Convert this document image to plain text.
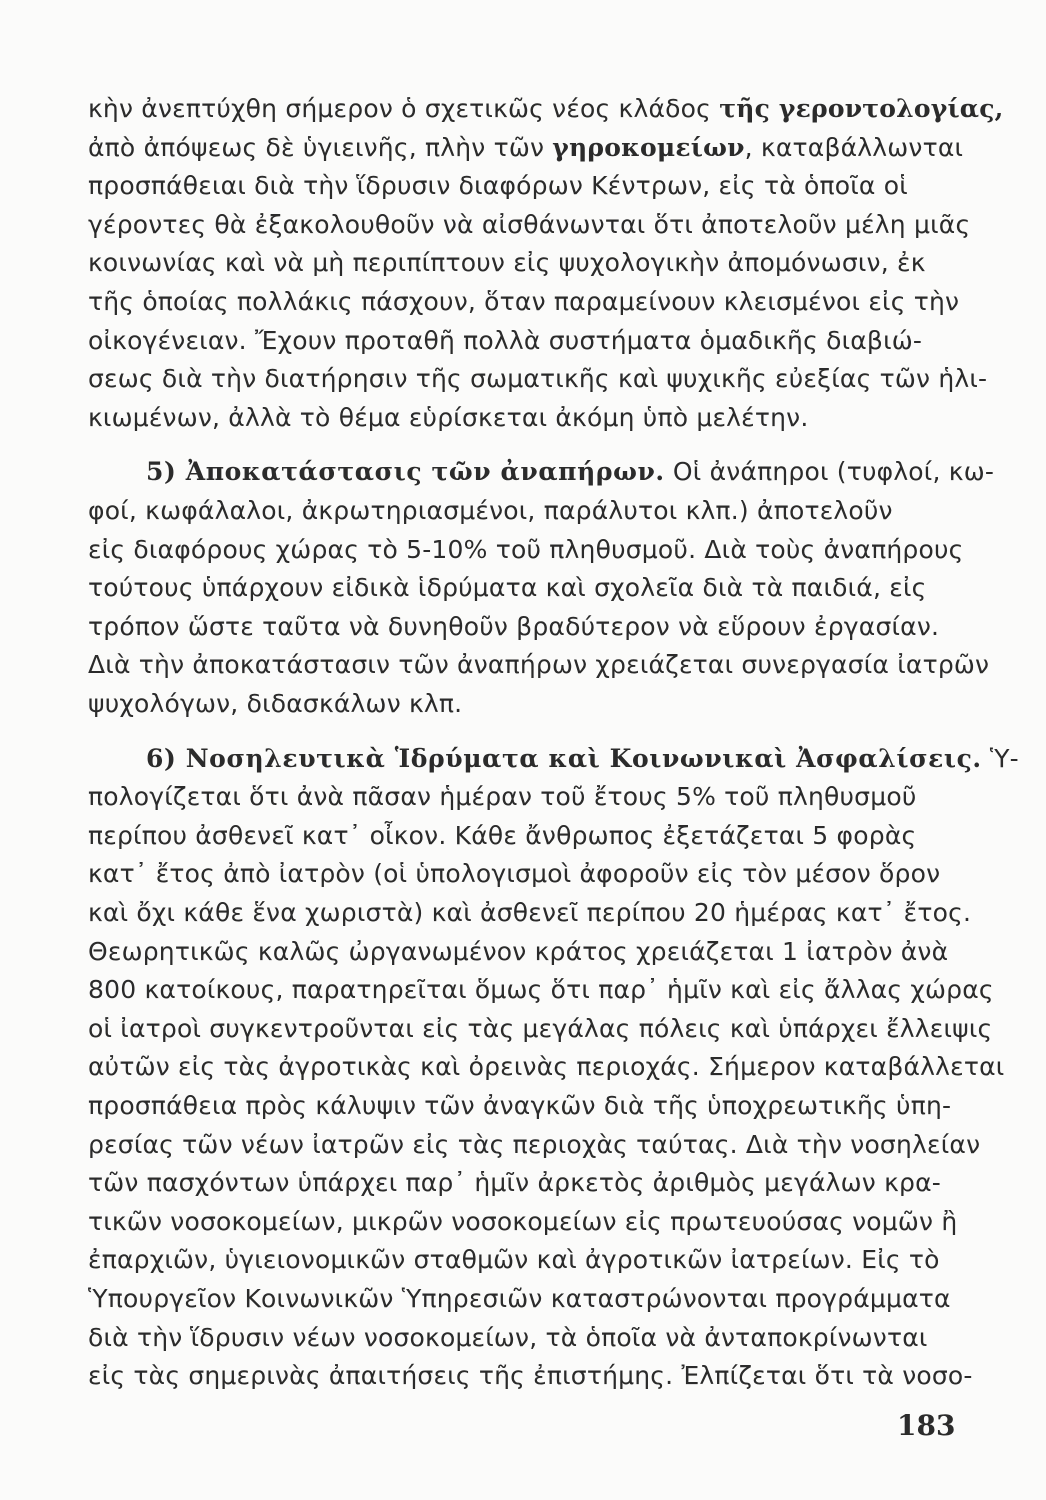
κὴν ἀνεπτύχθη σήμερον ὁ σχετικῶς νέος κλάδος τῆς γεροντολογίας,

ἀπὸ ἀπόψεως δὲ ὑγιεινῆς, πλὴν τῶν γηροκομείων, καταβάλλωνται

προσπάθειαι διὰ τὴν ἵδρυσιν διαφόρων Κέντρων, εἰς τὰ ὁποῖα οἱ

γέροντες θὰ ἐξακολουθοῦν νὰ αἰσθάνωνται ὅτι ἀποτελοῦν μέλη μιᾶς

κοινωνίας καὶ νὰ μὴ περιπίπτουν εἰς ψυχολογικὴν ἀπομόνωσιν, ἐκ

τῆς ὁποίας πολλάκις πάσχουν, ὅταν παραμείνουν κλεισμένοι εἰς τὴν

οἰκογένειαν. Ἔχουν προταθῆ πολλὰ συστήματα ὁμαδικῆς διαβιώ-

σεως διὰ τὴν διατήρησιν τῆς σωματικῆς καὶ ψυχικῆς εὐεξίας τῶν ἡλι-

κιωμένων, ἀλλὰ τὸ θέμα εὑρίσκεται ἀκόμη ὑπὸ μελέτην.

5) Ἀποκατάστασις τῶν ἀναπήρων. Οἱ ἀνάπηροι (τυφλοί, κω-

φοί, κωφάλαλοι, ἀκρωτηριασμένοι, παράλυτοι κλπ.) ἀποτελοῦν

εἰς διαφόρους χώρας τὸ 5-10% τοῦ πληθυσμοῦ. Διὰ τοὺς ἀναπήρους

τούτους ὑπάρχουν εἰδικὰ ἱδρύματα καὶ σχολεῖα διὰ τὰ παιδιά, εἰς

τρόπον ὥστε ταῦτα νὰ δυνηθοῦν βραδύτερον νὰ εὕρουν ἐργασίαν.

Διὰ τὴν ἀποκατάστασιν τῶν ἀναπήρων χρειάζεται συνεργασία ἰατρῶν

ψυχολόγων, διδασκάλων κλπ.

6) Νοσηλευτικὰ Ἱδρύματα καὶ Κοινωνικαὶ Ἀσφαλίσεις. Ὑ-

πολογίζεται ὅτι ἀνὰ πᾶσαν ἡμέραν τοῦ ἔτους 5% τοῦ πληθυσμοῦ

περίπου ἀσθενεῖ κατ᾽ οἶκον. Κάθε ἄνθρωπος ἐξετάζεται 5 φορὰς

κατ᾽ ἔτος ἀπὸ ἰατρὸν (οἱ ὑπολογισμοὶ ἀφοροῦν εἰς τὸν μέσον ὅρον

καὶ ὄχι κάθε ἕνα χωριστὰ) καὶ ἀσθενεῖ περίπου 20 ἡμέρας κατ᾽ ἔτος.

Θεωρητικῶς καλῶς ὠργανωμένον κράτος χρειάζεται 1 ἰατρὸν ἀνὰ

800 κατοίκους, παρατηρεῖται ὅμως ὅτι παρ᾽ ἡμῖν καὶ εἰς ἄλλας χώρας

οἱ ἰατροὶ συγκεντροῦνται εἰς τὰς μεγάλας πόλεις καὶ ὑπάρχει ἔλλειψις

αὐτῶν εἰς τὰς ἀγροτικὰς καὶ ὀρεινὰς περιοχάς. Σήμερον καταβάλλεται

προσπάθεια πρὸς κάλυψιν τῶν ἀναγκῶν διὰ τῆς ὑποχρεωτικῆς ὑπη-

ρεσίας τῶν νέων ἰατρῶν εἰς τὰς περιοχὰς ταύτας. Διὰ τὴν νοσηλείαν

τῶν πασχόντων ὑπάρχει παρ᾽ ἡμῖν ἀρκετὸς ἀριθμὸς μεγάλων κρα-

τικῶν νοσοκομείων, μικρῶν νοσοκομείων εἰς πρωτευούσας νομῶν ἢ

ἐπαρχιῶν, ὑγιειονομικῶν σταθμῶν καὶ ἀγροτικῶν ἰατρείων. Εἰς τὸ

Ὑπουργεῖον Κοινωνικῶν Ὑπηρεσιῶν καταστρώνονται προγράμματα

διὰ τὴν ἵδρυσιν νέων νοσοκομείων, τὰ ὁποῖα νὰ ἀνταποκρίνωνται

εἰς τὰς σημερινὰς ἀπαιτήσεις τῆς ἐπιστήμης. Ἐλπίζεται ὅτι τὰ νοσο-

183
